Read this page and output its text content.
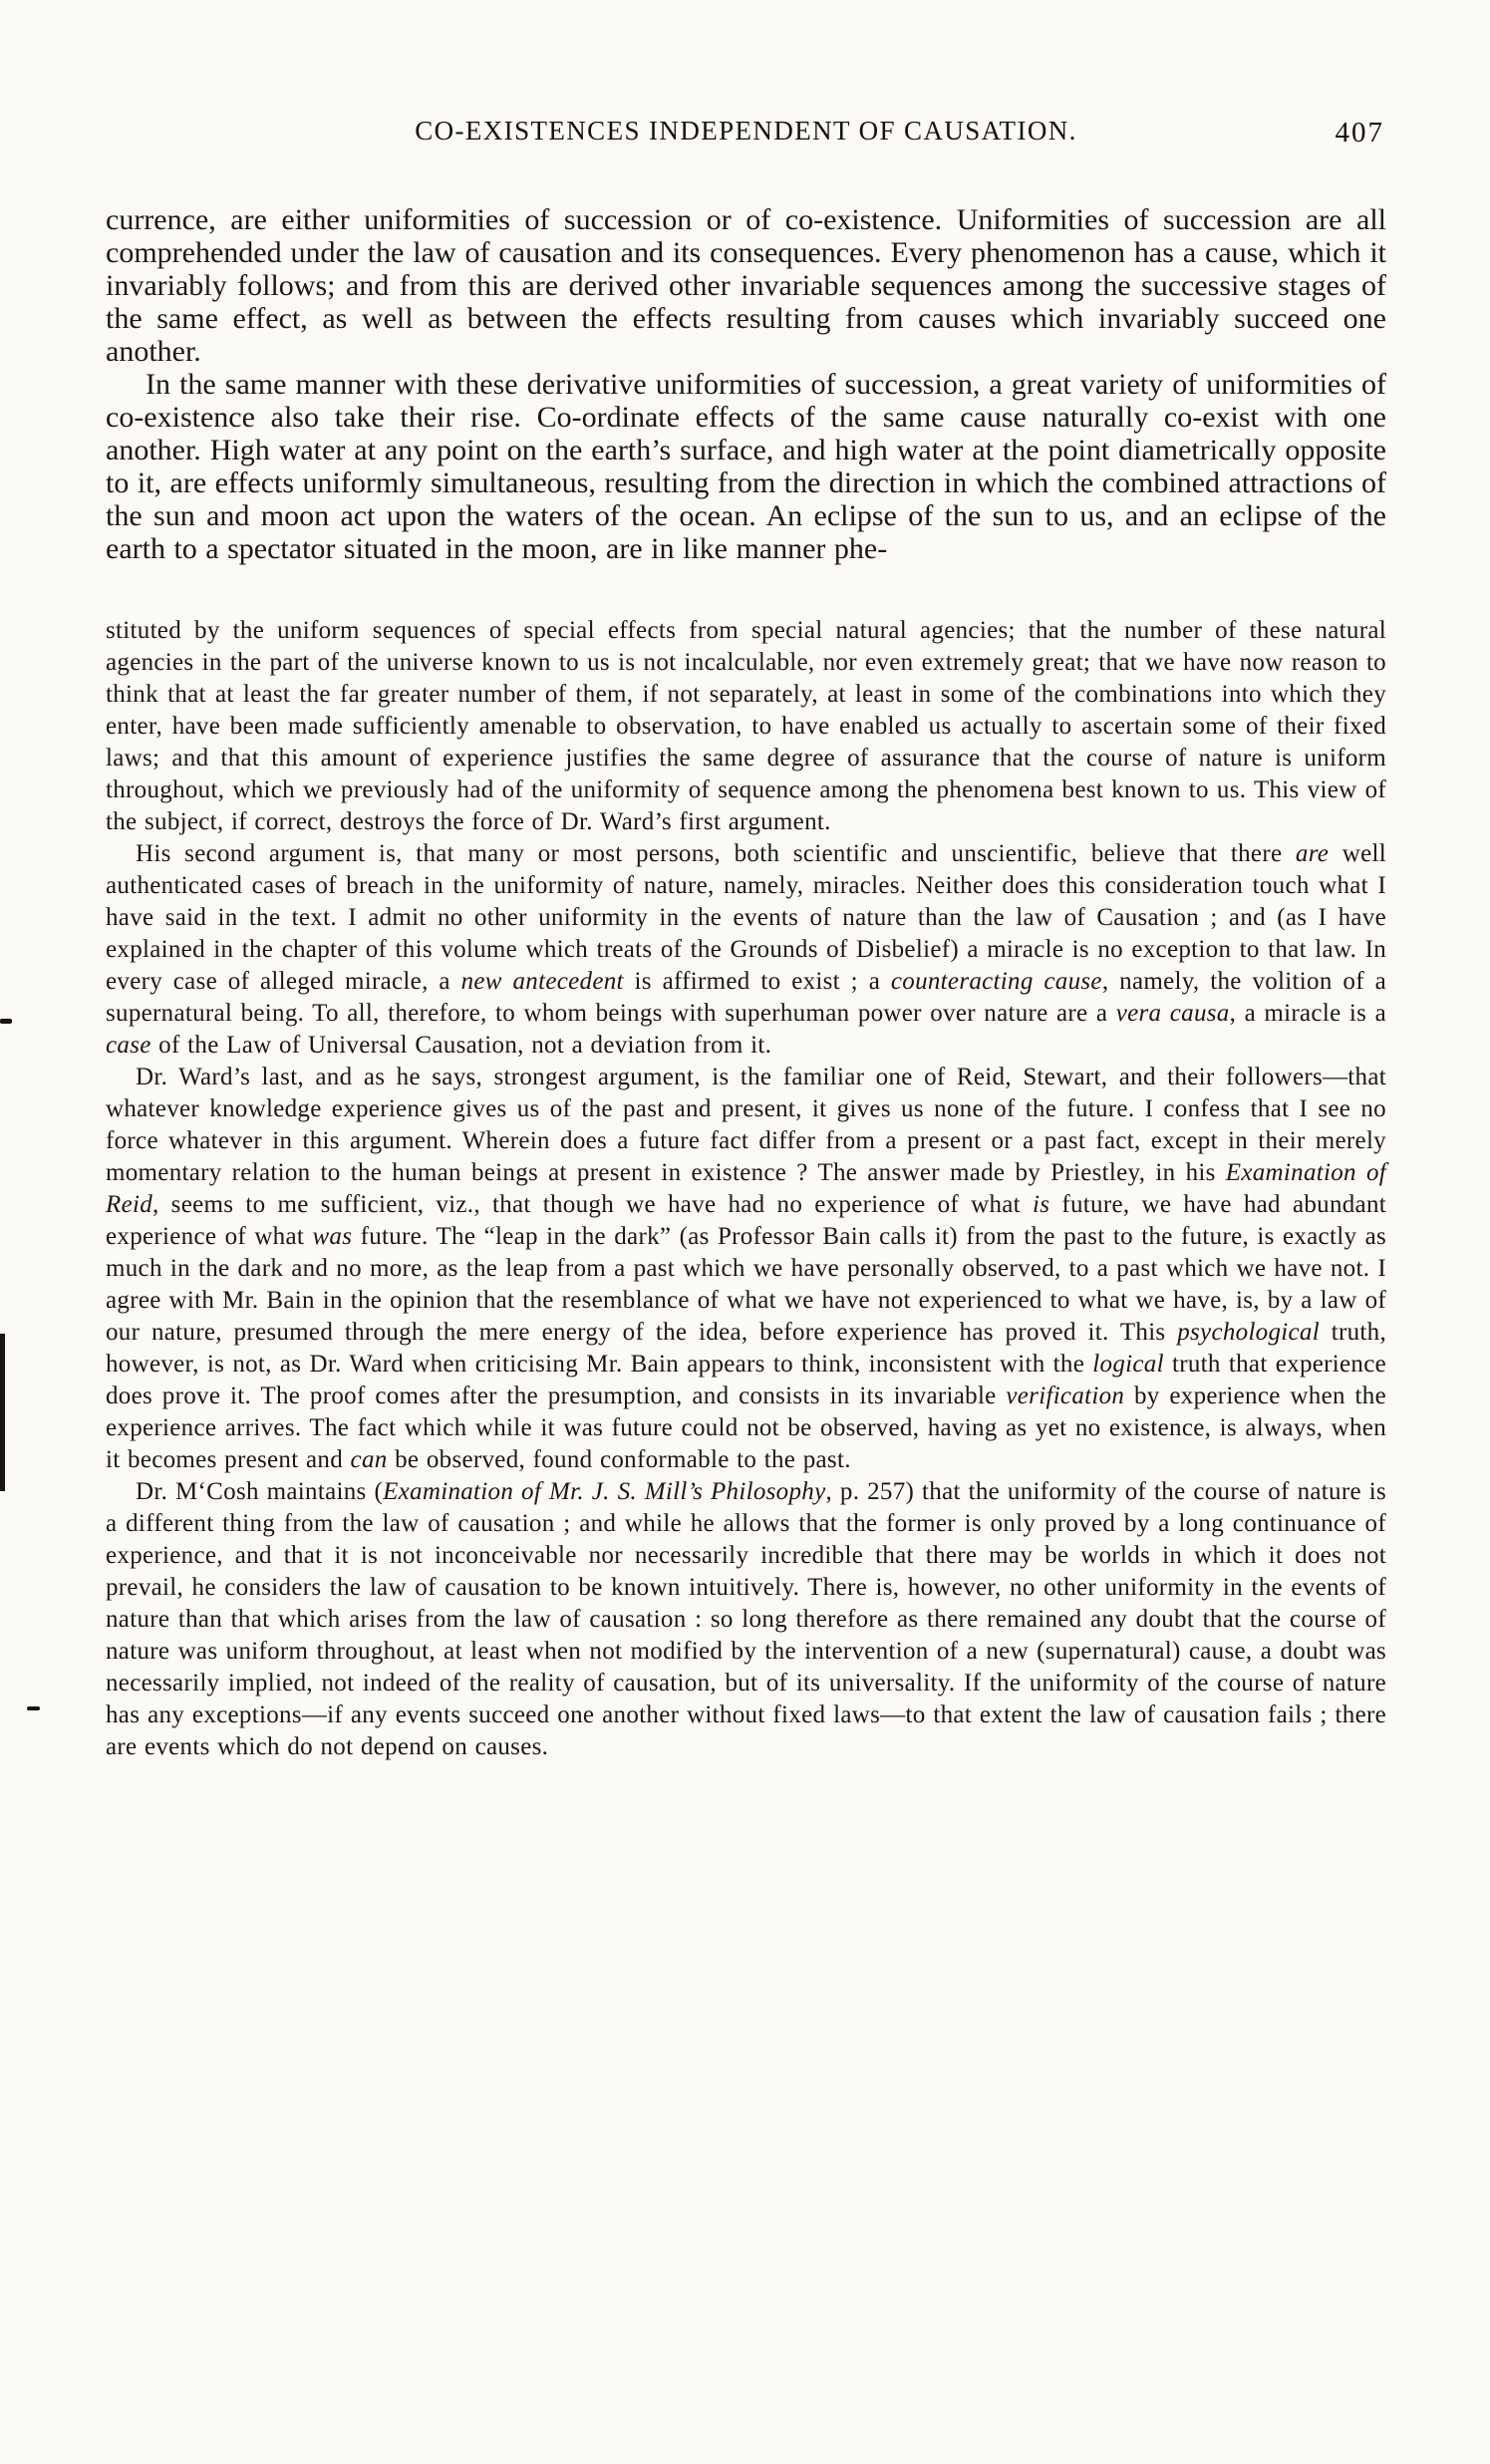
CO-EXISTENCES INDEPENDENT OF CAUSATION.	407

currence, are either uniformities of succession or of co-existence. Uniformities of succession are all comprehended under the law of causation and its consequences. Every phenomenon has a cause, which it invariably follows; and from this are derived other invariable sequences among the successive stages of the same effect, as well as between the effects resulting from causes which invariably succeed one another.

In the same manner with these derivative uniformities of succession, a great variety of uniformities of co-existence also take their rise. Co-ordinate effects of the same cause naturally co-exist with one another. High water at any point on the earth’s surface, and high water at the point diametrically opposite to it, are effects uniformly simultaneous, resulting from the direction in which the combined attractions of the sun and moon act upon the waters of the ocean. An eclipse of the sun to us, and an eclipse of the earth to a spectator situated in the moon, are in like manner phe-

stituted by the uniform sequences of special effects from special natural agencies; that the number of these natural agencies in the part of the universe known to us is not incalculable, nor even extremely great; that we have now reason to think that at least the far greater number of them, if not separately, at least in some of the combinations into which they enter, have been made sufficiently amenable to observation, to have enabled us actually to ascertain some of their fixed laws; and that this amount of experience justifies the same degree of assurance that the course of nature is uniform throughout, which we previously had of the uniformity of sequence among the phenomena best known to us. This view of the subject, if correct, destroys the force of Dr. Ward’s first argument.

His second argument is, that many or most persons, both scientific and unscientific, believe that there are well authenticated cases of breach in the uniformity of nature, namely, miracles. Neither does this consideration touch what I have said in the text. I admit no other uniformity in the events of nature than the law of Causation ; and (as I have explained in the chapter of this volume which treats of the Grounds of Disbelief) a miracle is no exception to that law. In every case of alleged miracle, a new antecedent is affirmed to exist ; a counteracting cause, namely, the volition of a supernatural being. To all, therefore, to whom beings with superhuman power over nature are a vera causa, a miracle is a case of the Law of Universal Causation, not a deviation from it.

Dr. Ward’s last, and as he says, strongest argument, is the familiar one of Reid, Stewart, and their followers—that whatever knowledge experience gives us of the past and present, it gives us none of the future. I confess that I see no force whatever in this argument. Wherein does a future fact differ from a present or a past fact, except in their merely momentary relation to the human beings at present in existence ? The answer made by Priestley, in his Examination of Reid, seems to me sufficient, viz., that though we have had no experience of what is future, we have had abundant experience of what was future. The “leap in the dark” (as Professor Bain calls it) from the past to the future, is exactly as much in the dark and no more, as the leap from a past which we have personally observed, to a past which we have not. I agree with Mr. Bain in the opinion that the resemblance of what we have not experienced to what we have, is, by a law of our nature, presumed through the mere energy of the idea, before experience has proved it. This psychological truth, however, is not, as Dr. Ward when criticising Mr. Bain appears to think, inconsistent with the logical truth that experience does prove it. The proof comes after the presumption, and consists in its invariable verification by experience when the experience arrives. The fact which while it was future could not be observed, having as yet no existence, is always, when it becomes present and can be observed, found conformable to the past.

Dr. M‘Cosh maintains (Examination of Mr. J. S. Mill’s Philosophy, p. 257) that the uniformity of the course of nature is a different thing from the law of causation ; and while he allows that the former is only proved by a long continuance of experience, and that it is not inconceivable nor necessarily incredible that there may be worlds in which it does not prevail, he considers the law of causation to be known intuitively. There is, however, no other uniformity in the events of nature than that which arises from the law of causation : so long therefore as there remained any doubt that the course of nature was uniform throughout, at least when not modified by the intervention of a new (supernatural) cause, a doubt was necessarily implied, not indeed of the reality of causation, but of its universality. If the uniformity of the course of nature has any exceptions—if any events succeed one another without fixed laws—to that extent the law of causation fails ; there are events which do not depend on causes.
